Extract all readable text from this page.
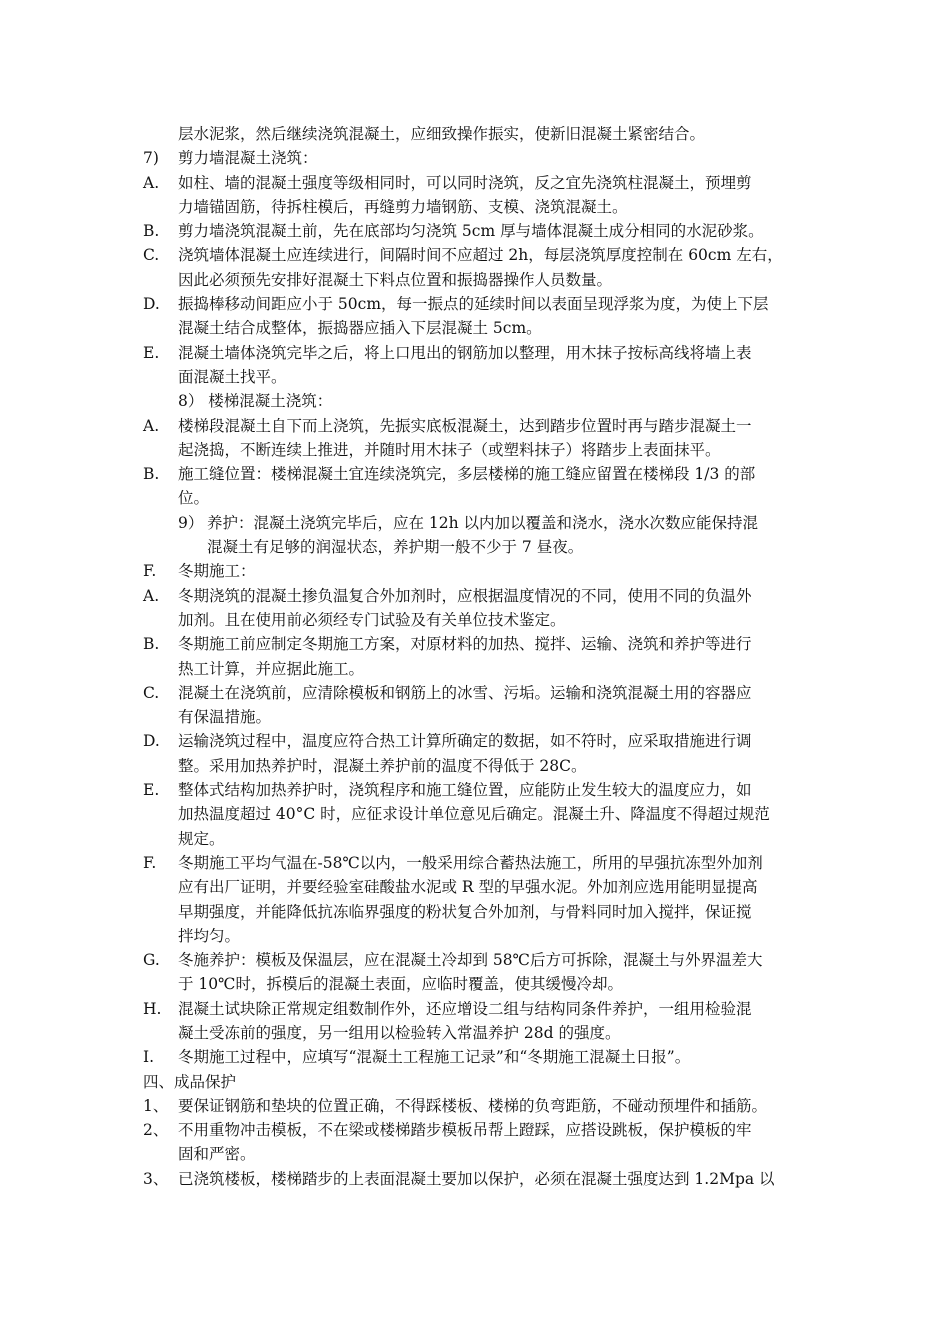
层水泥浆，然后继续浇筑混凝土，应细致操作振实，使新旧混凝土紧密结合。
7) 剪力墙混凝土浇筑：
A. 如柱、墙的混凝土强度等级相同时，可以同时浇筑，反之宜先浇筑柱混凝土，预埋剪
力墙锚固筋，待拆柱模后，再缝剪力墙钢筋、支模、浇筑混凝土。
B. 剪力墙浇筑混凝土前，先在底部均匀浇筑 5cm 厚与墙体混凝土成分相同的水泥砂浆。
C. 浇筑墙体混凝土应连续进行，间隔时间不应超过 2h，每层浇筑厚度控制在 60cm 左右，
因此必须预先安排好混凝土下料点位置和振捣器操作人员数量。
D. 振捣棒移动间距应小于 50cm，每一振点的延续时间以表面呈现浮浆为度，为使上下层
混凝土结合成整体，振捣器应插入下层混凝土 5cm。
E. 混凝土墙体浇筑完毕之后，将上口甩出的钢筋加以整理，用木抹子按标高线将墙上表
面混凝土找平。
8） 楼梯混凝土浇筑：
A. 楼梯段混凝土自下而上浇筑，先振实底板混凝土，达到踏步位置时再与踏步混凝土一
起浇捣，不断连续上推进，并随时用木抹子（或塑料抹子）将踏步上表面抹平。
B. 施工缝位置：楼梯混凝土宜连续浇筑完，多层楼梯的施工缝应留置在楼梯段 1/3 的部
位。
9） 养护：混凝土浇筑完毕后，应在 12h 以内加以覆盖和浇水，浇水次数应能保持混
混凝土有足够的润湿状态，养护期一般不少于 7 昼夜。
F. 冬期施工：
A. 冬期浇筑的混凝土掺负温复合外加剂时，应根据温度情况的不同，使用不同的负温外
加剂。且在使用前必须经专门试验及有关单位技术鉴定。
B. 冬期施工前应制定冬期施工方案，对原材料的加热、搅拌、运输、浇筑和养护等进行
热工计算，并应据此施工。
C. 混凝土在浇筑前，应清除模板和钢筋上的冰雪、污垢。运输和浇筑混凝土用的容器应
有保温措施。
D. 运输浇筑过程中，温度应符合热工计算所确定的数据，如不符时，应采取措施进行调
整。采用加热养护时，混凝土养护前的温度不得低于 28C。
E. 整体式结构加热养护时，浇筑程序和施工缝位置，应能防止发生较大的温度应力，如
加热温度超过 40°C 时，应征求设计单位意见后确定。混凝土升、降温度不得超过规范
规定。
F. 冬期施工平均气温在-58℃以内，一般采用综合蓄热法施工，所用的早强抗冻型外加剂
应有出厂证明，并要经验室硅酸盐水泥或 R 型的早强水泥。外加剂应选用能明显提高
早期强度，并能降低抗冻临界强度的粉状复合外加剂，与骨料同时加入搅拌，保证搅
拌均匀。
G. 冬施养护：模板及保温层，应在混凝土冷却到 58℃后方可拆除，混凝土与外界温差大
于 10℃时，拆模后的混凝土表面，应临时覆盖，使其缓慢冷却。
H. 混凝土试块除正常规定组数制作外，还应增设二组与结构同条件养护，一组用检验混
凝土受冻前的强度，另一组用以检验转入常温养护 28d 的强度。
I. 冬期施工过程中，应填写“混凝土工程施工记录”和“冬期施工混凝土日报”。
四、成品保护
1、 要保证钢筋和垫块的位置正确，不得踩楼板、楼梯的负弯距筋，不碰动预埋件和插筋。
2、 不用重物冲击模板，不在梁或楼梯踏步模板吊帮上蹬踩，应搭设跳板，保护模板的牢
固和严密。
3、 已浇筑楼板，楼梯踏步的上表面混凝土要加以保护，必须在混凝土强度达到 1.2Mpa 以
